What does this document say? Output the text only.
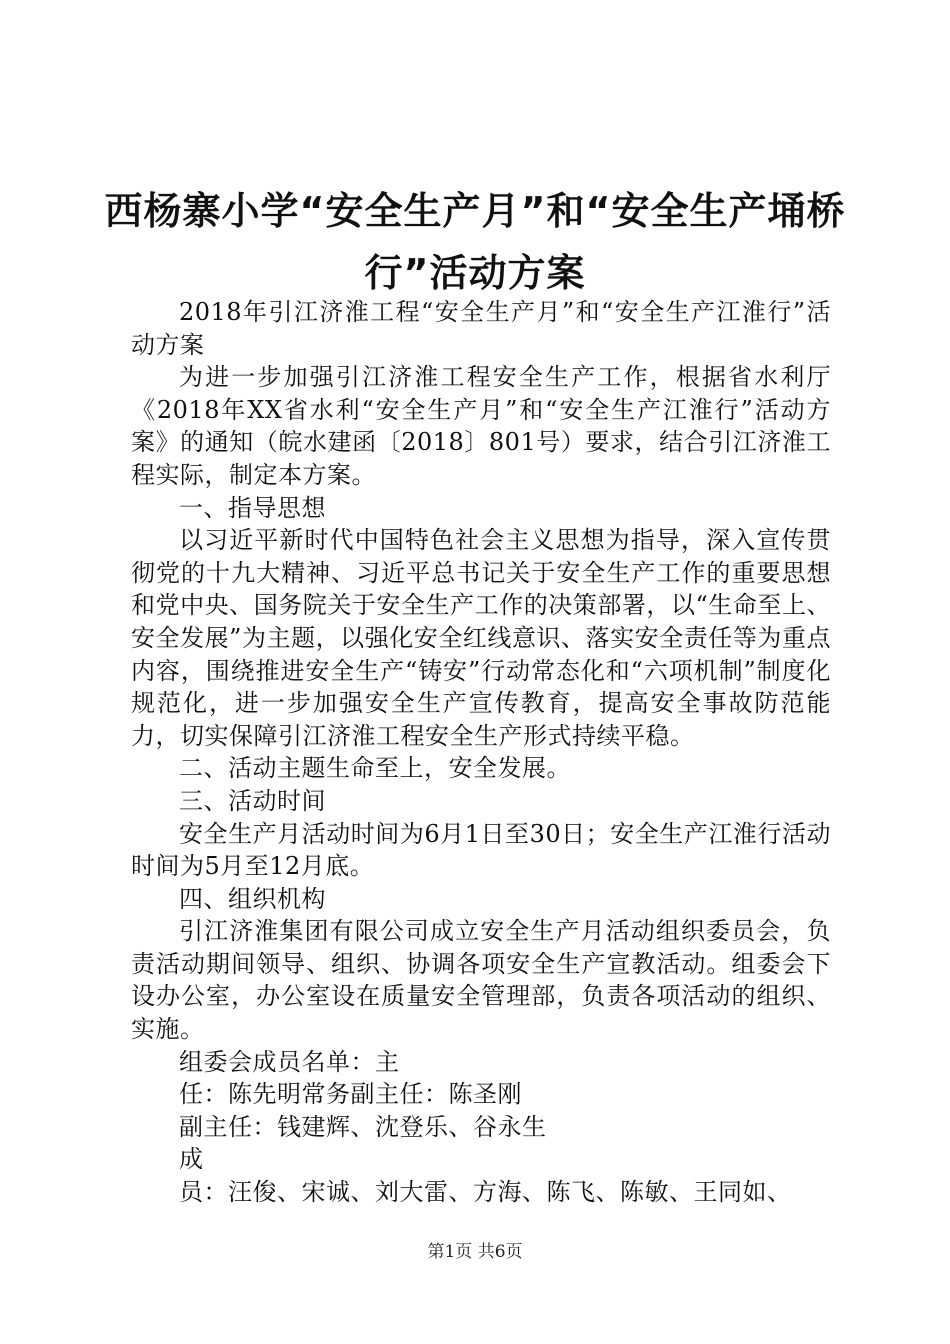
西杨寨小学“安全生产月”和“安全生产埇桥行”活动方案

2018年引江济淮工程“安全生产月”和“安全生产江淮行”活动方案

为进一步加强引江济淮工程安全生产工作，根据省水利厅《2018年XX省水利“安全生产月”和“安全生产江淮行”活动方案》的通知（皖水建函〔2018〕801号）要求，结合引江济淮工程实际，制定本方案。

一、指导思想

以习近平新时代中国特色社会主义思想为指导，深入宣传贯彻党的十九大精神、习近平总书记关于安全生产工作的重要思想和党中央、国务院关于安全生产工作的决策部署，以“生命至上、安全发展”为主题，以强化安全红线意识、落实安全责任等为重点内容，围绕推进安全生产“铸安”行动常态化和“六项机制”制度化规范化，进一步加强安全生产宣传教育，提高安全事故防范能力，切实保障引江济淮工程安全生产形式持续平稳。

二、活动主题生命至上，安全发展。

三、活动时间

安全生产月活动时间为6月1日至30日；安全生产江淮行活动时间为5月至12月底。

四、组织机构

引江济淮集团有限公司成立安全生产月活动组织委员会，负责活动期间领导、组织、协调各项安全生产宣教活动。组委会下设办公室，办公室设在质量安全管理部，负责各项活动的组织、实施。

组委会成员名单：主

任：陈先明常务副主任：陈圣刚

副主任：钱建辉、沈登乐、谷永生

成

员：汪俊、宋诚、刘大雷、方海、陈飞、陈敏、王同如、

第1页 共6页
